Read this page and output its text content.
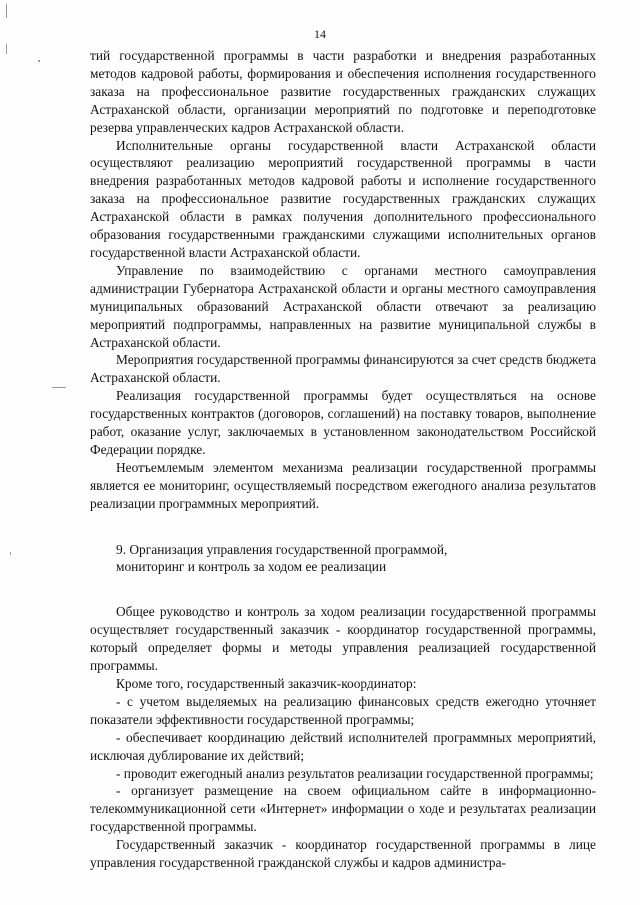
14

тий государственной программы в части разработки и внедрения разработанных методов кадровой работы, формирования и обеспечения исполнения государственного заказа на профессиональное развитие государственных гражданских служащих Астраханской области, организации мероприятий по подготовке и переподготовке резерва управленческих кадров Астраханской области.

Исполнительные органы государственной власти Астраханской области осуществляют реализацию мероприятий государственной программы в части внедрения разработанных методов кадровой работы и исполнение государственного заказа на профессиональное развитие государственных гражданских служащих Астраханской области в рамках получения дополнительного профессионального образования государственными гражданскими служащими исполнительных органов государственной власти Астраханской области.

Управление по взаимодействию с органами местного самоуправления администрации Губернатора Астраханской области и органы местного самоуправления муниципальных образований Астраханской области отвечают за реализацию мероприятий подпрограммы, направленных на развитие муниципальной службы в Астраханской области.

Мероприятия государственной программы финансируются за счет средств бюджета Астраханской области.

Реализация государственной программы будет осуществляться на основе государственных контрактов (договоров, соглашений) на поставку товаров, выполнение работ, оказание услуг, заключаемых в установленном законодательством Российской Федерации порядке.

Неотъемлемым элементом механизма реализации государственной программы является ее мониторинг, осуществляемый посредством ежегодного анализа результатов реализации программных мероприятий.

9. Организация управления государственной программой,
мониторинг и контроль за ходом ее реализации

Общее руководство и контроль за ходом реализации государственной программы осуществляет государственный заказчик - координатор государственной программы, который определяет формы и методы управления реализацией государственной программы.

Кроме того, государственный заказчик-координатор:

- с учетом выделяемых на реализацию финансовых средств ежегодно уточняет показатели эффективности государственной программы;

- обеспечивает координацию действий исполнителей программных мероприятий, исключая дублирование их действий;

- проводит ежегодный анализ результатов реализации государственной программы;

- организует размещение на своем официальном сайте в информационно-телекоммуникационной сети «Интернет» информации о ходе и результатах реализации государственной программы.

Государственный заказчик - координатор государственной программы в лице управления государственной гражданской службы и кадров администра-
